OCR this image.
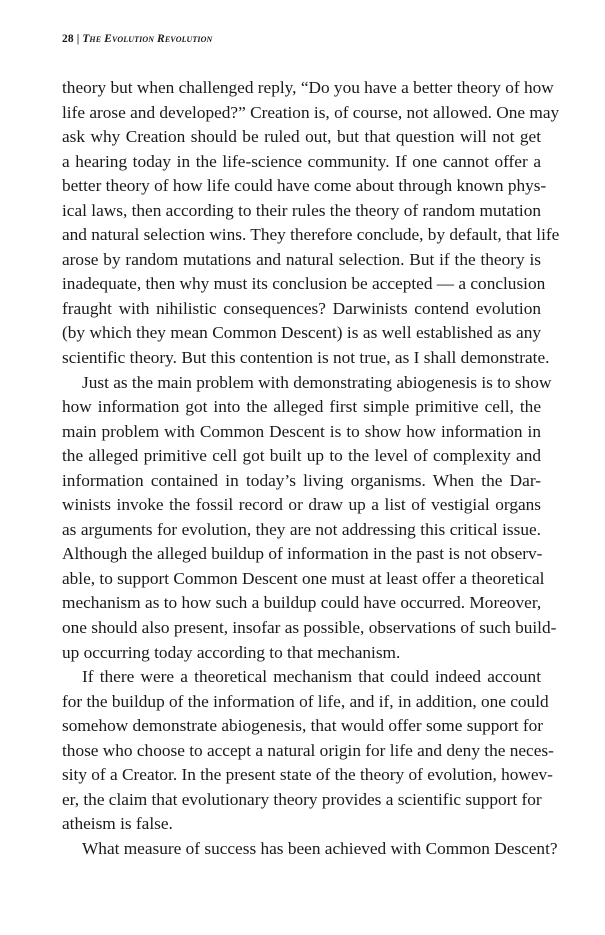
28 | The Evolution Revolution
theory but when challenged reply, “Do you have a better theory of how
life arose and developed?” Creation is, of course, not allowed. One may
ask why Creation should be ruled out, but that question will not get
a hearing today in the life-science community. If one cannot offer a
better theory of how life could have come about through known phys-
ical laws, then according to their rules the theory of random mutation
and natural selection wins. They therefore conclude, by default, that life
arose by random mutations and natural selection. But if the theory is
inadequate, then why must its conclusion be accepted — a conclusion
fraught with nihilistic consequences? Darwinists contend evolution
(by which they mean Common Descent) is as well established as any
scientific theory. But this contention is not true, as I shall demonstrate.
Just as the main problem with demonstrating abiogenesis is to show
how information got into the alleged first simple primitive cell, the
main problem with Common Descent is to show how information in
the alleged primitive cell got built up to the level of complexity and
information contained in today’s living organisms. When the Dar-
winists invoke the fossil record or draw up a list of vestigial organs
as arguments for evolution, they are not addressing this critical issue.
Although the alleged buildup of information in the past is not observ-
able, to support Common Descent one must at least offer a theoretical
mechanism as to how such a buildup could have occurred. Moreover,
one should also present, insofar as possible, observations of such build-
up occurring today according to that mechanism.
If there were a theoretical mechanism that could indeed account
for the buildup of the information of life, and if, in addition, one could
somehow demonstrate abiogenesis, that would offer some support for
those who choose to accept a natural origin for life and deny the neces-
sity of a Creator. In the present state of the theory of evolution, howev-
er, the claim that evolutionary theory provides a scientific support for
atheism is false.
What measure of success has been achieved with Common Descent?
